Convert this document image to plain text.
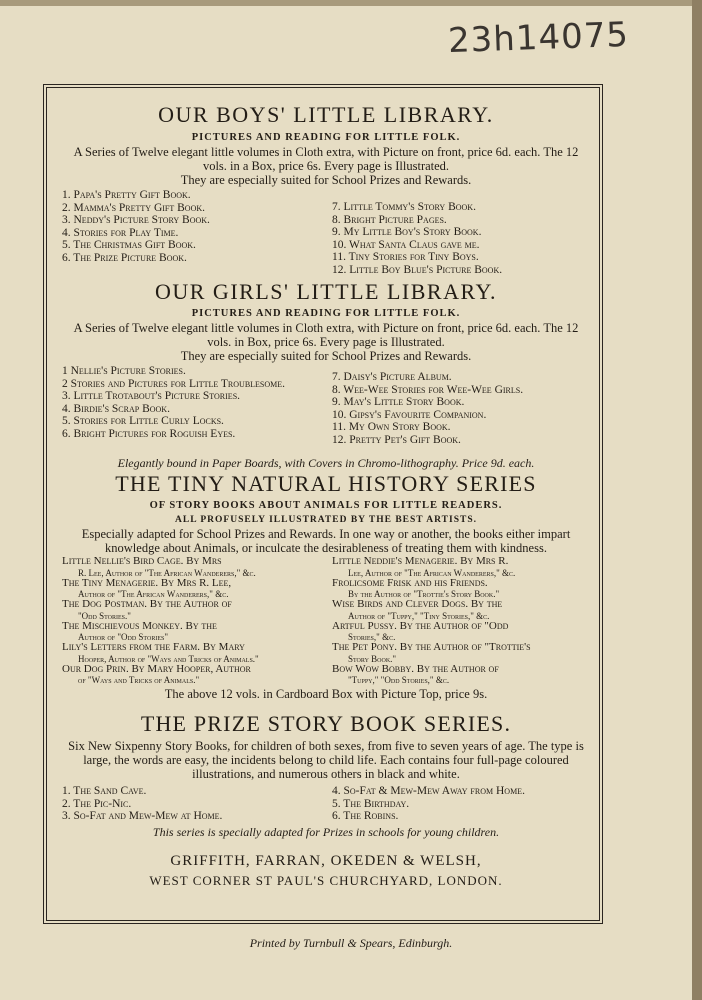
23h14075
OUR BOYS' LITTLE LIBRARY.
PICTURES AND READING FOR LITTLE FOLK.
A Series of Twelve elegant little volumes in Cloth extra, with Picture on front, price 6d. each. The 12 vols. in a Box, price 6s. Every page is Illustrated.
They are especially suited for School Prizes and Rewards.
1. Papa's Pretty Gift Book.
2. Mamma's Pretty Gift Book.
3. Neddy's Picture Story Book.
4. Stories for Play Time.
5. The Christmas Gift Book.
6. The Prize Picture Book.
7. Little Tommy's Story Book.
8. Bright Picture Pages.
9. My Little Boy's Story Book.
10. What Santa Claus gave me.
11. Tiny Stories for Tiny Boys.
12. Little Boy Blue's Picture Book.
OUR GIRLS' LITTLE LIBRARY.
PICTURES AND READING FOR LITTLE FOLK.
A Series of Twelve elegant little volumes in Cloth extra, with Picture on front, price 6d. each. The 12 vols. in Box, price 6s. Every page is Illustrated.
They are especially suited for School Prizes and Rewards.
1 Nellie's Picture Stories.
2 Stories and Pictures for Little Troublesome.
3. Little Trotabout's Picture Stories.
4. Birdie's Scrap Book.
5. Stories for Little Curly Locks.
6. Bright Pictures for Roguish Eyes.
7. Daisy's Picture Album.
8. Wee-Wee Stories for Wee-Wee Girls.
9. May's Little Story Book.
10. Gipsy's Favourite Companion.
11. My Own Story Book.
12. Pretty Pet's Gift Book.
Elegantly bound in Paper Boards, with Covers in Chromo-lithography. Price 9d. each.
THE TINY NATURAL HISTORY SERIES
OF STORY BOOKS ABOUT ANIMALS FOR LITTLE READERS.
ALL PROFUSELY ILLUSTRATED BY THE BEST ARTISTS.
Especially adapted for School Prizes and Rewards. In one way or another, the books either impart knowledge about Animals, or inculcate the desirableness of treating them with kindness.
Little Nellie's Bird Cage. By Mrs
R. Lee, Author of "The African Wanderers," &c.
The Tiny Menagerie. By Mrs R. Lee,
Author of "The African Wanderers," &c.
The Dog Postman. By the Author of
"Odd Stories."
The Mischievous Monkey. By the
Author of "Odd Stories"
Lily's Letters from the Farm. By Mary
Hooper, Author of "Ways and Tricks of Animals."
Our Dog Prin. By Mary Hooper, Author
of "Ways and Tricks of Animals."
Little Neddie's Menagerie. By Mrs R.
Lee, Author of "The African Wanderers," &c.
Frolicsome Frisk and his Friends.
By the Author of "Trottie's Story Book."
Wise Birds and Clever Dogs. By the
Author of "Tuppy," "Tiny Stories," &c.
Artful Pussy. By the Author of "Odd
Stories," &c.
The Pet Pony. By the Author of "Trottie's
Story Book."
Bow Wow Bobby. By the Author of
"Tuppy," "Odd Stories," &c.
The above 12 vols. in Cardboard Box with Picture Top, price 9s.
THE PRIZE STORY BOOK SERIES.
Six New Sixpenny Story Books, for children of both sexes, from five to seven years of age. The type is large, the words are easy, the incidents belong to child life. Each contains four full-page coloured illustrations, and numerous others in black and white.
1. The Sand Cave.
2. The Pic-Nic.
3. So-Fat and Mew-Mew at Home.
4. So-Fat & Mew-Mew Away from Home.
5. The Birthday.
6. The Robins.
This series is specially adapted for Prizes in schools for young children.
GRIFFITH, FARRAN, OKEDEN & WELSH,
WEST CORNER ST PAUL'S CHURCHYARD, LONDON.
Printed by Turnbull & Spears, Edinburgh.
